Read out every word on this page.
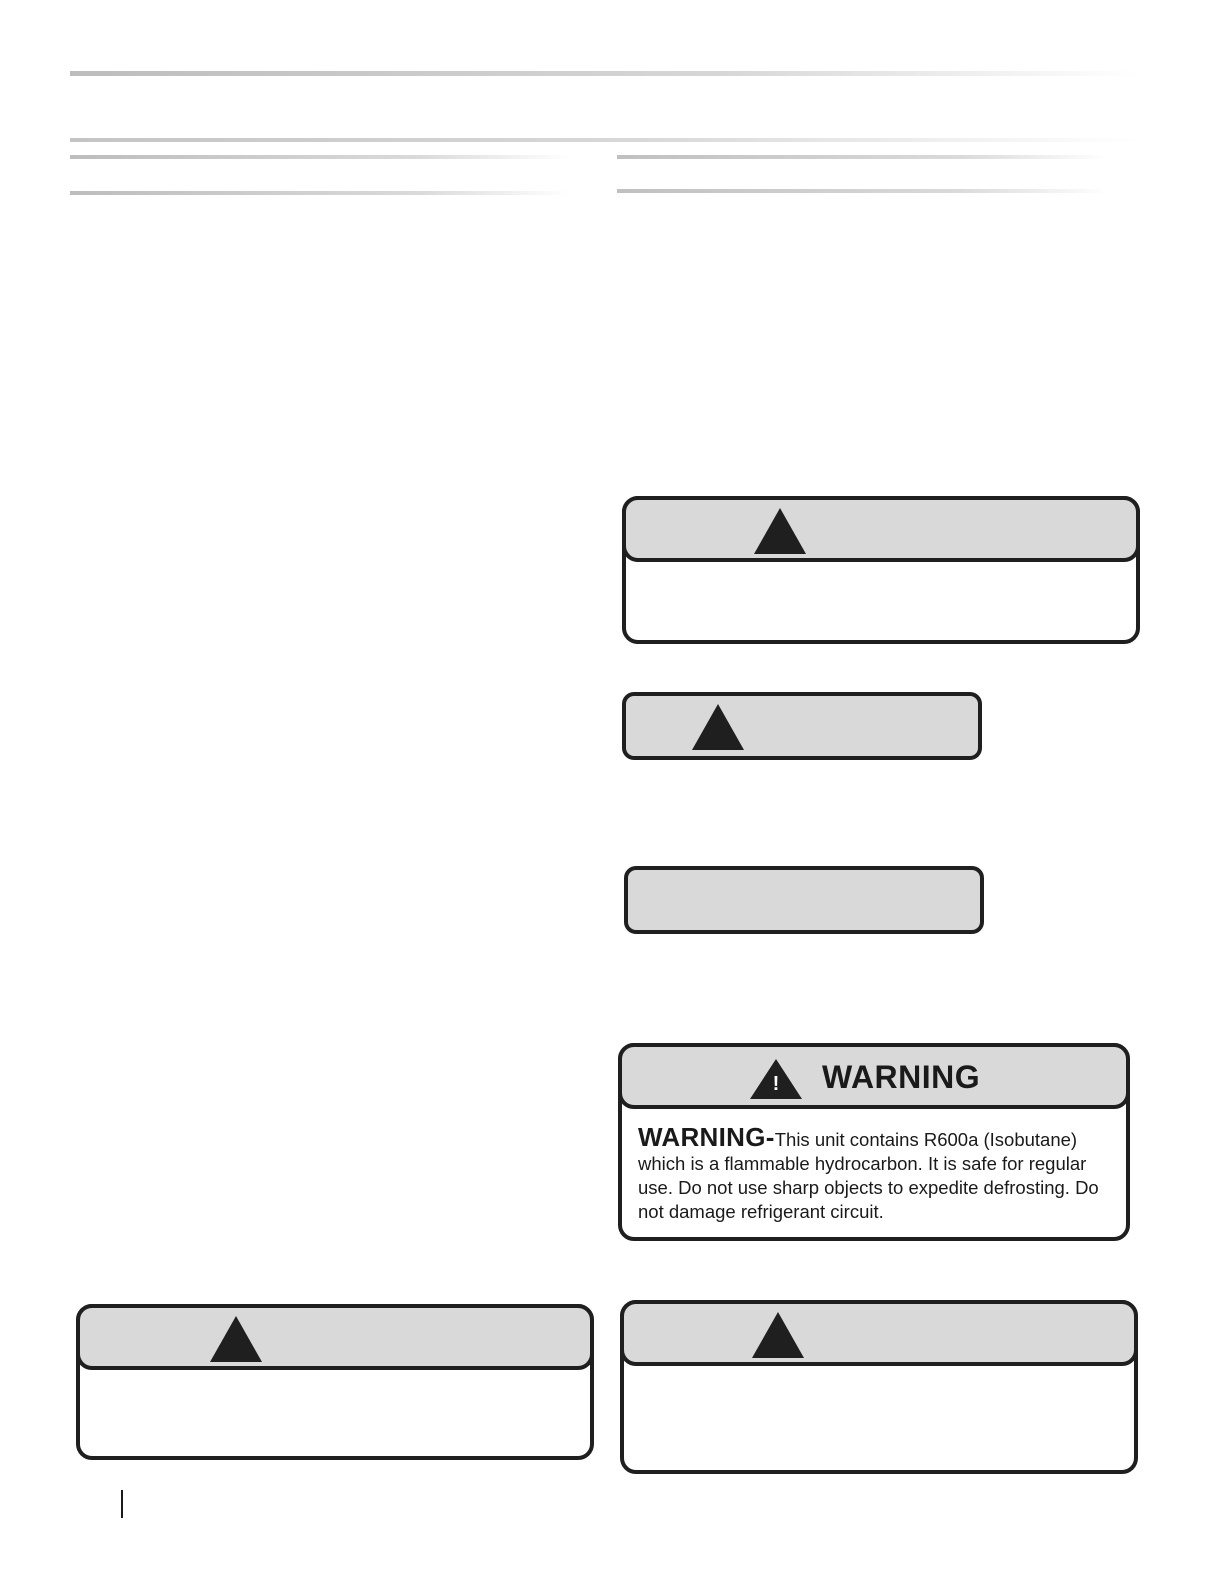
! WARNING
WARNING-This unit contains R600a (Isobutane) which is a flammable hydrocarbon. It is safe for regular use. Do not use sharp objects to expedite defrosting. Do not damage refrigerant circuit.
